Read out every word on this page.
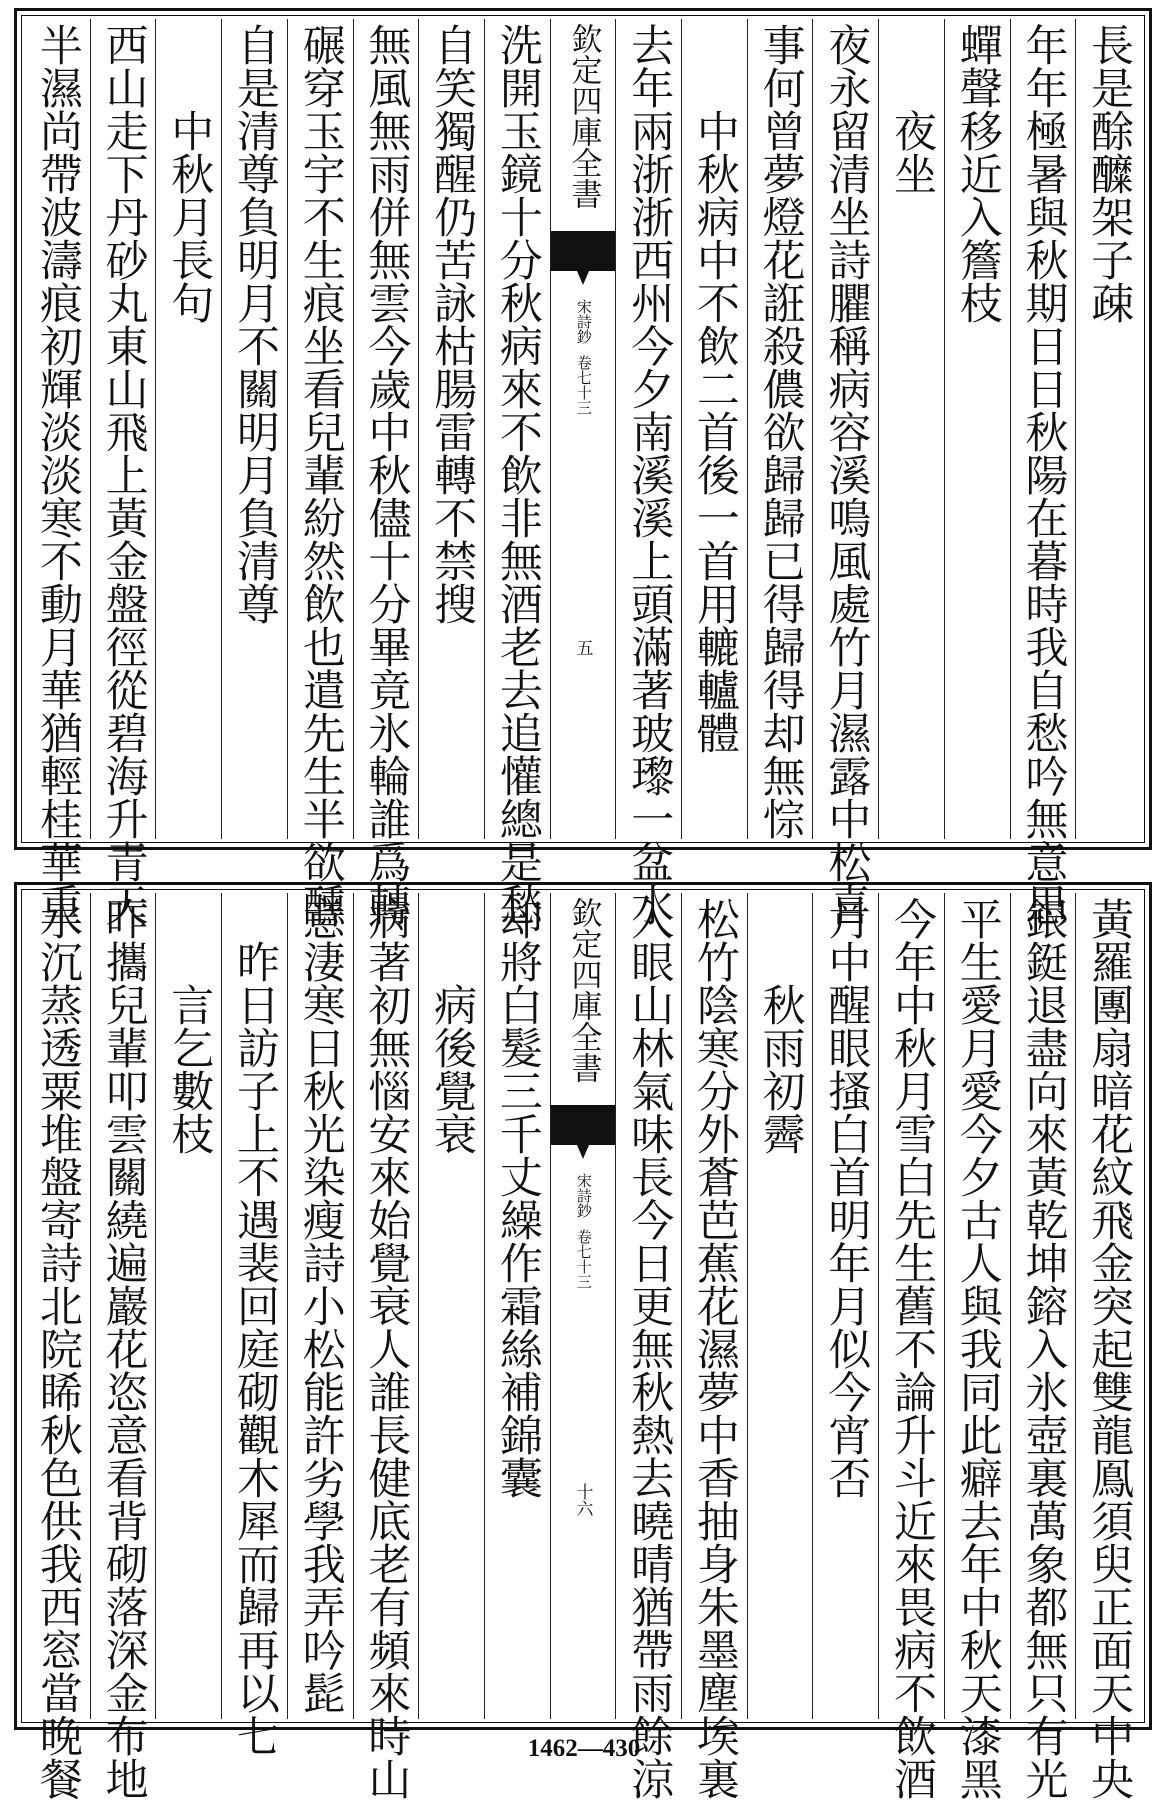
長是酴醾架子疎
年年極暑與秋期日日秋陽在暮時我自愁吟無意思
蟬聲移近入簷枝
夜坐
夜永留清坐詩臞稱病容溪鳴風處竹月濕露中松喜
事何曾夢燈花誑殺儂欲歸歸已得歸得却無悰
中秋病中不飲二首後一首用轆轤體
去年兩浙浙西州今夕南溪溪上頭滿著玻瓈一盆水
欽定四庫全書
宋詩鈔
卷七十三
五
洗開玉鏡十分秋病來不飲非無酒老去追懽總是愁
自笑獨醒仍苦詠枯腸雷轉不禁搜
無風無雨併無雲今歲中秋儘十分畢竟氷輪誰爲轉
碾穿玉宇不生痕坐看兒輩紛然飲也遣先生半欲醺
自是清尊負明月不關明月負清尊
中秋月長句
西山走下丹砂丸東山飛上黃金盤徑從碧海升青天
半濕尚帶波濤痕初輝淡淡寒不動月華猶輕桂華重
黃羅團扇暗花紋飛金突起雙龍鳯須臾正面天中央
銀鋌退盡向來黃乾坤鎔入氷壺裏萬象都無只有光
平生愛月愛今夕古人與我同此癖去年中秋天漆黑
今年中秋月雪白先生舊不論升斗近來畏病不飲酒
月中醒眼搔白首明年月似今宵否
秋雨初霽
松竹陰寒分外蒼芭蕉花濕夢中香抽身朱墨塵埃裏
入眼山林氣味長今日更無秋熱去曉晴猶帶雨餘涼
欽定四庫全書
宋詩鈔
卷七十三
十六
却將白髮三千丈繰作霜絲補錦囊
病後覺衰
病著初無惱安來始覺衰人誰長健底老有頻來時山
意淒寒日秋光染瘦詩小松能許劣學我弄吟髭
昨日訪子上不遇裴回庭砌觀木犀而歸再以七
言乞數枝
昨攜兒輩叩雲關繞遍巖花恣意看背砌落深金布地
水沉蒸透粟堆盤寄詩北院睎秋色供我西窓當晚餐	1462—430
